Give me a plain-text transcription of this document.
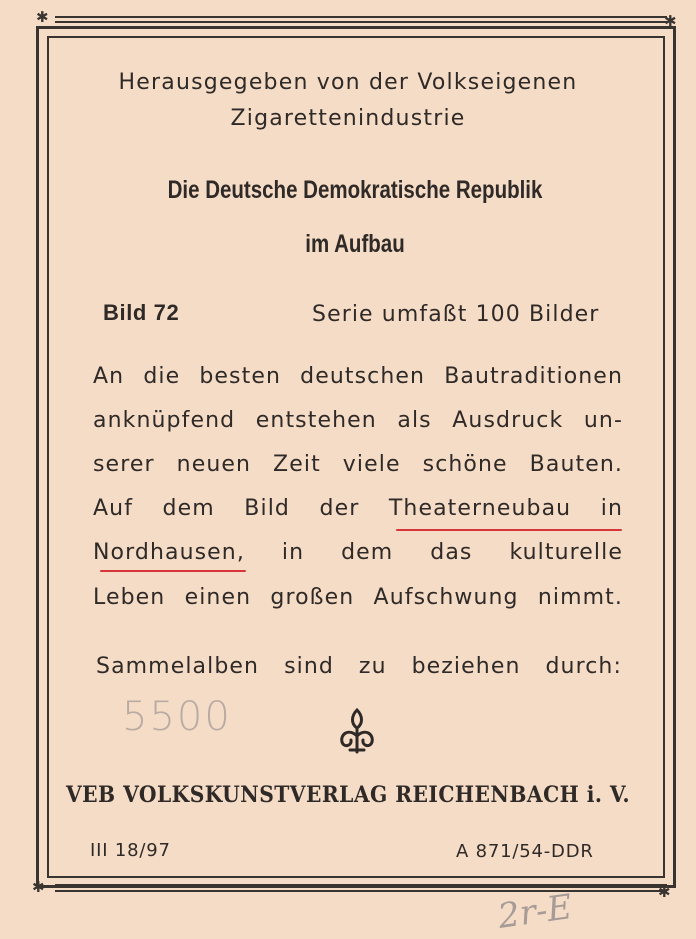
✱	✱
✱	✱
Herausgegeben von der Volkseigenen
Zigarettenindustrie
Die Deutsche Demokratische Republik
im Aufbau
Bild 72	Serie umfaßt 100 Bilder
An die besten deutschen Bautraditionen
anknüpfend entstehen als Ausdruck un-
serer neuen Zeit viele schöne Bauten.
Auf dem Bild der Theaterneubau in
Nordhausen, in dem das kulturelle
Leben einen großen Aufschwung nimmt.
Sammelalben sind zu beziehen durch:
5500
VEB VOLKSKUNSTVERLAG REICHENBACH i. V.
III 18/97	A 871/54-DDR
2r-E
